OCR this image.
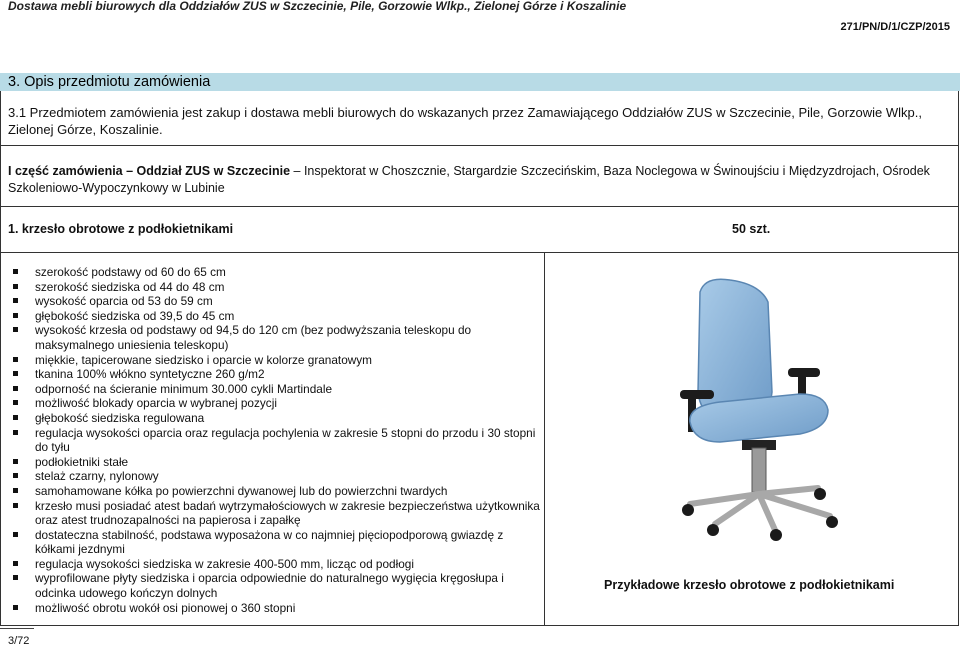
Dostawa mebli biurowych dla Oddziałów ZUS w Szczecinie, Pile, Gorzowie Wlkp., Zielonej Górze i Koszalinie
271/PN/D/1/CZP/2015
3. Opis przedmiotu zamówienia
3.1 Przedmiotem zamówienia jest zakup i dostawa mebli biurowych do wskazanych przez Zamawiającego Oddziałów ZUS w Szczecinie, Pile, Gorzowie Wlkp., Zielonej Górze, Koszalinie.
I część zamówienia – Oddział ZUS w Szczecinie – Inspektorat w Choszcznie, Stargardzie Szczecińskim, Baza Noclegowa w Świnoujściu i Międzyzdrojach, Ośrodek Szkoleniowo-Wypoczynkowy w Lubinie
1. krzesło obrotowe z podłokietnikami	50 szt.
szerokość podstawy od 60 do 65 cm
szerokość siedziska od 44 do 48 cm
wysokość oparcia od 53 do 59 cm
głębokość siedziska od 39,5 do 45 cm
wysokość krzesła od podstawy od 94,5 do 120 cm (bez podwyższania teleskopu do maksymalnego uniesienia teleskopu)
miękkie, tapicerowane siedzisko i oparcie w kolorze granatowym
tkanina 100% włókno syntetyczne 260 g/m2
odporność na ścieranie minimum 30.000 cykli Martindale
możliwość blokady oparcia w wybranej pozycji
głębokość siedziska regulowana
regulacja wysokości oparcia oraz regulacja pochylenia w zakresie 5 stopni do przodu i 30 stopni do tyłu
podłokietniki stałe
stelaż czarny, nylonowy
samohamowane kółka po powierzchni dywanowej lub do powierzchni twardych
krzesło musi posiadać atest badań wytrzymałościowych w zakresie bezpieczeństwa użytkownika oraz atest trudnozapalności na papierosa i zapałkę
dostateczna stabilność, podstawa wyposażona w co najmniej pięciopodporową gwiazdę z kółkami jezdnymi
regulacja wysokości siedziska w zakresie 400-500 mm, licząc od podłogi
wyprofilowane płyty siedziska i oparcia odpowiednie do naturalnego wygięcia kręgosłupa i odcinka udowego kończyn dolnych
możliwość obrotu wokół osi pionowej o 360 stopni
Przykładowe krzesło obrotowe z podłokietnikami
3/72
